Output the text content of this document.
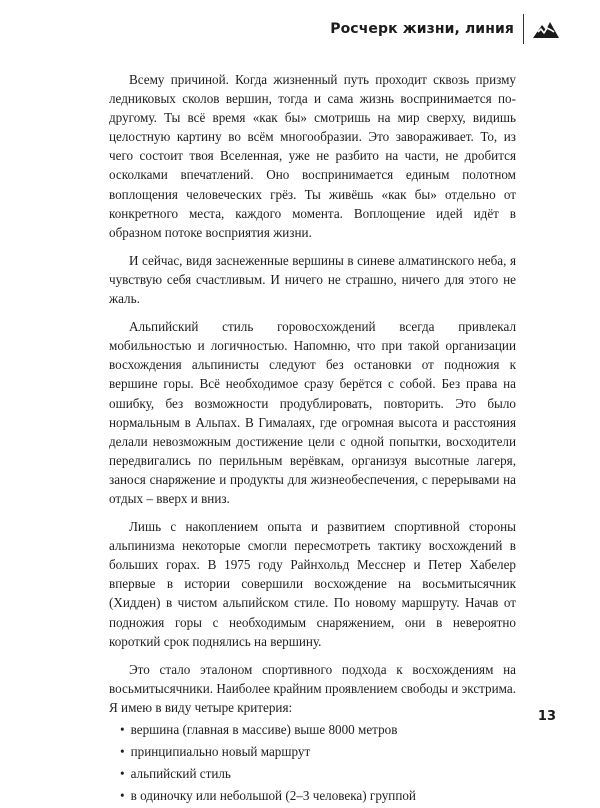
Росчерк жизни, линия

Всему причиной. Когда жизненный путь проходит сквозь призму ледниковых сколов вершин, тогда и сама жизнь воспринимается по-другому. Ты всё время «как бы» смотришь на мир сверху, видишь целостную картину во всём многообразии. Это завораживает. То, из чего состоит твоя Вселенная, уже не разбито на части, не дробится осколками впечатлений. Оно воспринимается единым полотном воплощения человеческих грёз. Ты живёшь «как бы» отдельно от конкретного места, каждого момента. Воплощение идей идёт в образном потоке восприятия жизни.

И сейчас, видя заснеженные вершины в синеве алматинского неба, я чувствую себя счастливым. И ничего не страшно, ничего для этого не жаль.

Альпийский стиль горовосхождений всегда привлекал мобильностью и логичностью. Напомню, что при такой организации восхождения альпинисты следуют без остановки от подножия к вершине горы. Всё необходимое сразу берётся с собой. Без права на ошибку, без возможности продублировать, повторить. Это было нормальным в Альпах. В Гималаях, где огромная высота и расстояния делали невозможным достижение цели с одной попытки, восходители передвигались по перильным верёвкам, организуя высотные лагеря, занося снаряжение и продукты для жизнеобеспечения, с перерывами на отдых – вверх и вниз.

Лишь с накоплением опыта и развитием спортивной стороны альпинизма некоторые смогли пересмотреть тактику восхождений в больших горах. В 1975 году Райнхольд Месснер и Петер Хабелер впервые в истории совершили восхождение на восьмитысячник (Хидден) в чистом альпийском стиле. По новому маршруту. Начав от подножия горы с необходимым снаряжением, они в невероятно короткий срок поднялись на вершину.

Это стало эталоном спортивного подхода к восхождениям на восьмитысячники. Наиболее крайним проявлением свободы и экстрима. Я имею в виду четыре критерия:

• вершина (главная в массиве) выше 8000 метров
• принципиально новый маршрут
• альпийский стиль
• в одиночку или небольшой (2–3 человека) группой
13
